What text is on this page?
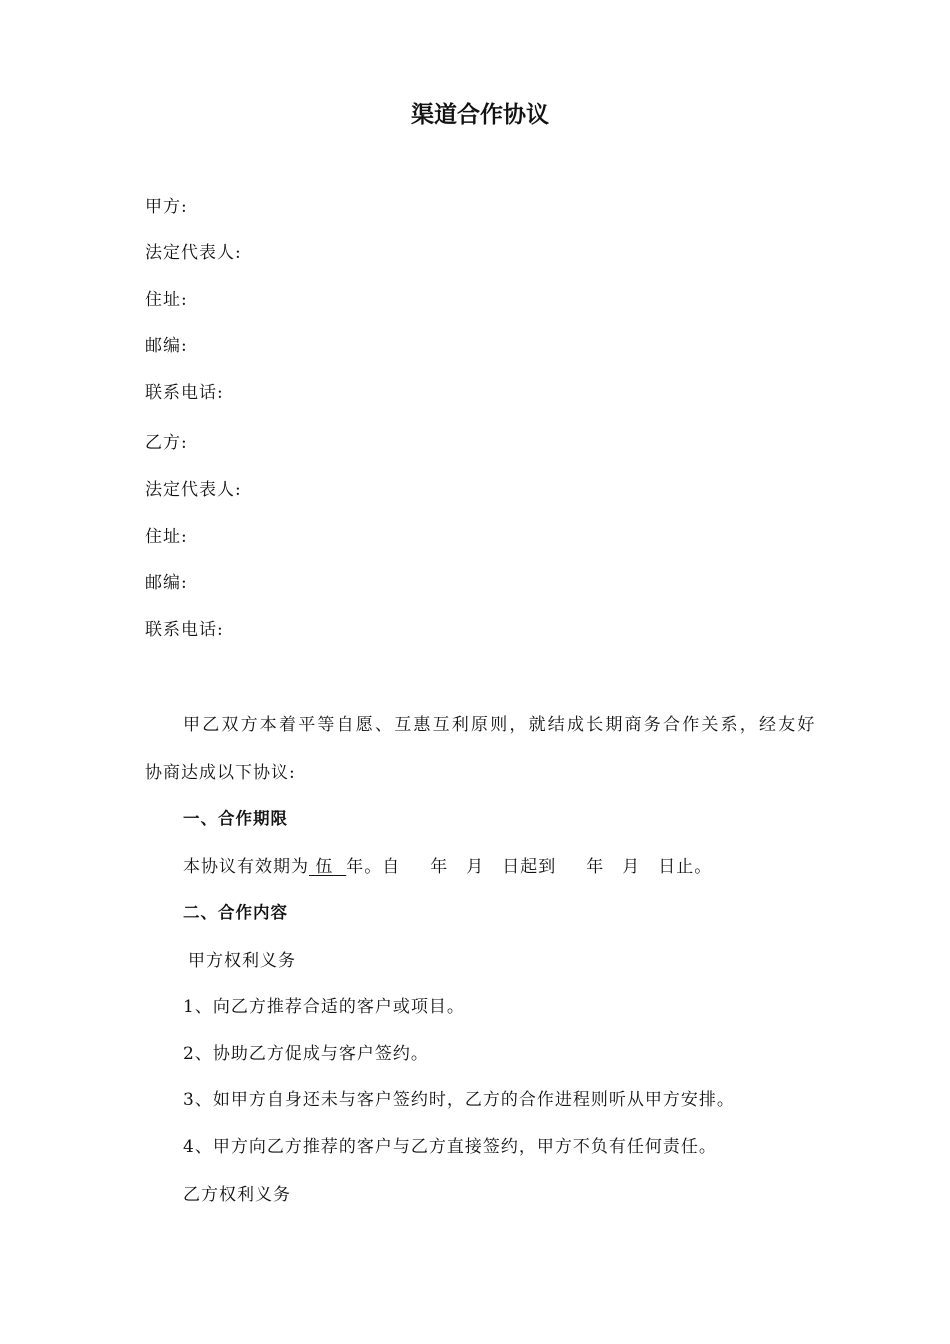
渠道合作协议
甲方:
法定代表人:
住址:
邮编:
联系电话:
乙方:
法定代表人:
住址:
邮编:
联系电话:
甲乙双方本着平等自愿、互惠互利原则，就结成长期商务合作关系，经友好
协商达成以下协议:
一、合作期限
本协议有效期为 伍 年。自 年 月 日起到 年 月 日止。
二、合作内容
甲方权利义务
1、向乙方推荐合适的客户或项目。
2、协助乙方促成与客户签约。
3、如甲方自身还未与客户签约时，乙方的合作进程则听从甲方安排。
4、甲方向乙方推荐的客户与乙方直接签约，甲方不负有任何责任。
乙方权利义务
